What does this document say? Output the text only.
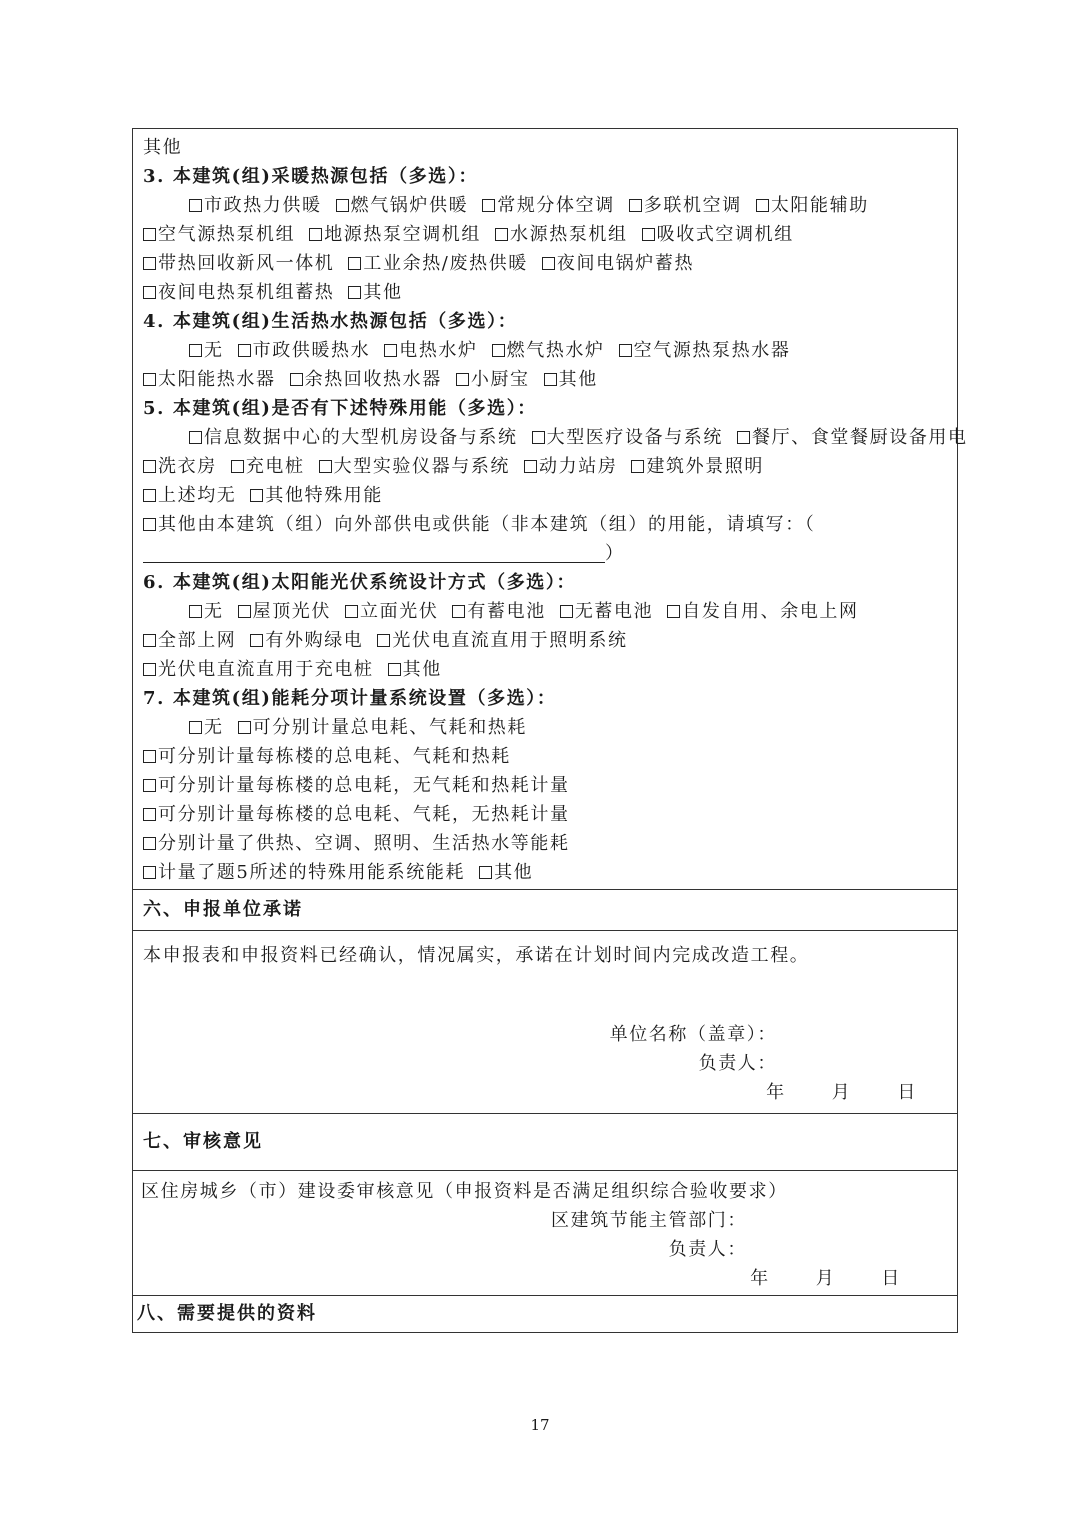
其他
3. 本建筑(组)采暖热源包括（多选）：
市政热力供暖 燃气锅炉供暖 常规分体空调 多联机空调 太阳能辅助
空气源热泵机组 地源热泵空调机组 水源热泵机组 吸收式空调机组
带热回收新风一体机 工业余热/废热供暖 夜间电锅炉蓄热
夜间电热泵机组蓄热 其他
4. 本建筑(组)生活热水热源包括（多选）：
无 市政供暖热水 电热水炉 燃气热水炉 空气源热泵热水器
太阳能热水器 余热回收热水器 小厨宝 其他
5. 本建筑(组)是否有下述特殊用能（多选）：
信息数据中心的大型机房设备与系统 大型医疗设备与系统 餐厅、食堂餐厨设备用电
洗衣房 充电桩 大型实验仪器与系统 动力站房 建筑外景照明
上述均无 其他特殊用能
其他由本建筑（组）向外部供电或供能（非本建筑（组）的用能，请填写：（）
6. 本建筑(组)太阳能光伏系统设计方式（多选）：
无 屋顶光伏 立面光伏 有蓄电池 无蓄电池 自发自用、余电上网
全部上网 有外购绿电 光伏电直流直用于照明系统
光伏电直流直用于充电桩 其他
7. 本建筑(组)能耗分项计量系统设置（多选）：
无 可分别计量总电耗、气耗和热耗
可分别计量每栋楼的总电耗、气耗和热耗
可分别计量每栋楼的总电耗，无气耗和热耗计量
可分别计量每栋楼的总电耗、气耗，无热耗计量
分别计量了供热、空调、照明、生活热水等能耗
计量了题5所述的特殊用能系统能耗 其他
六、申报单位承诺
本申报表和申报资料已经确认，情况属实，承诺在计划时间内完成改造工程。
单位名称（盖章）：
负责人：
年	月	日
七、审核意见
区住房城乡（市）建设委审核意见（申报资料是否满足组织综合验收要求）
区建筑节能主管部门：
负责人：
年	月	日
八、需要提供的资料
17
